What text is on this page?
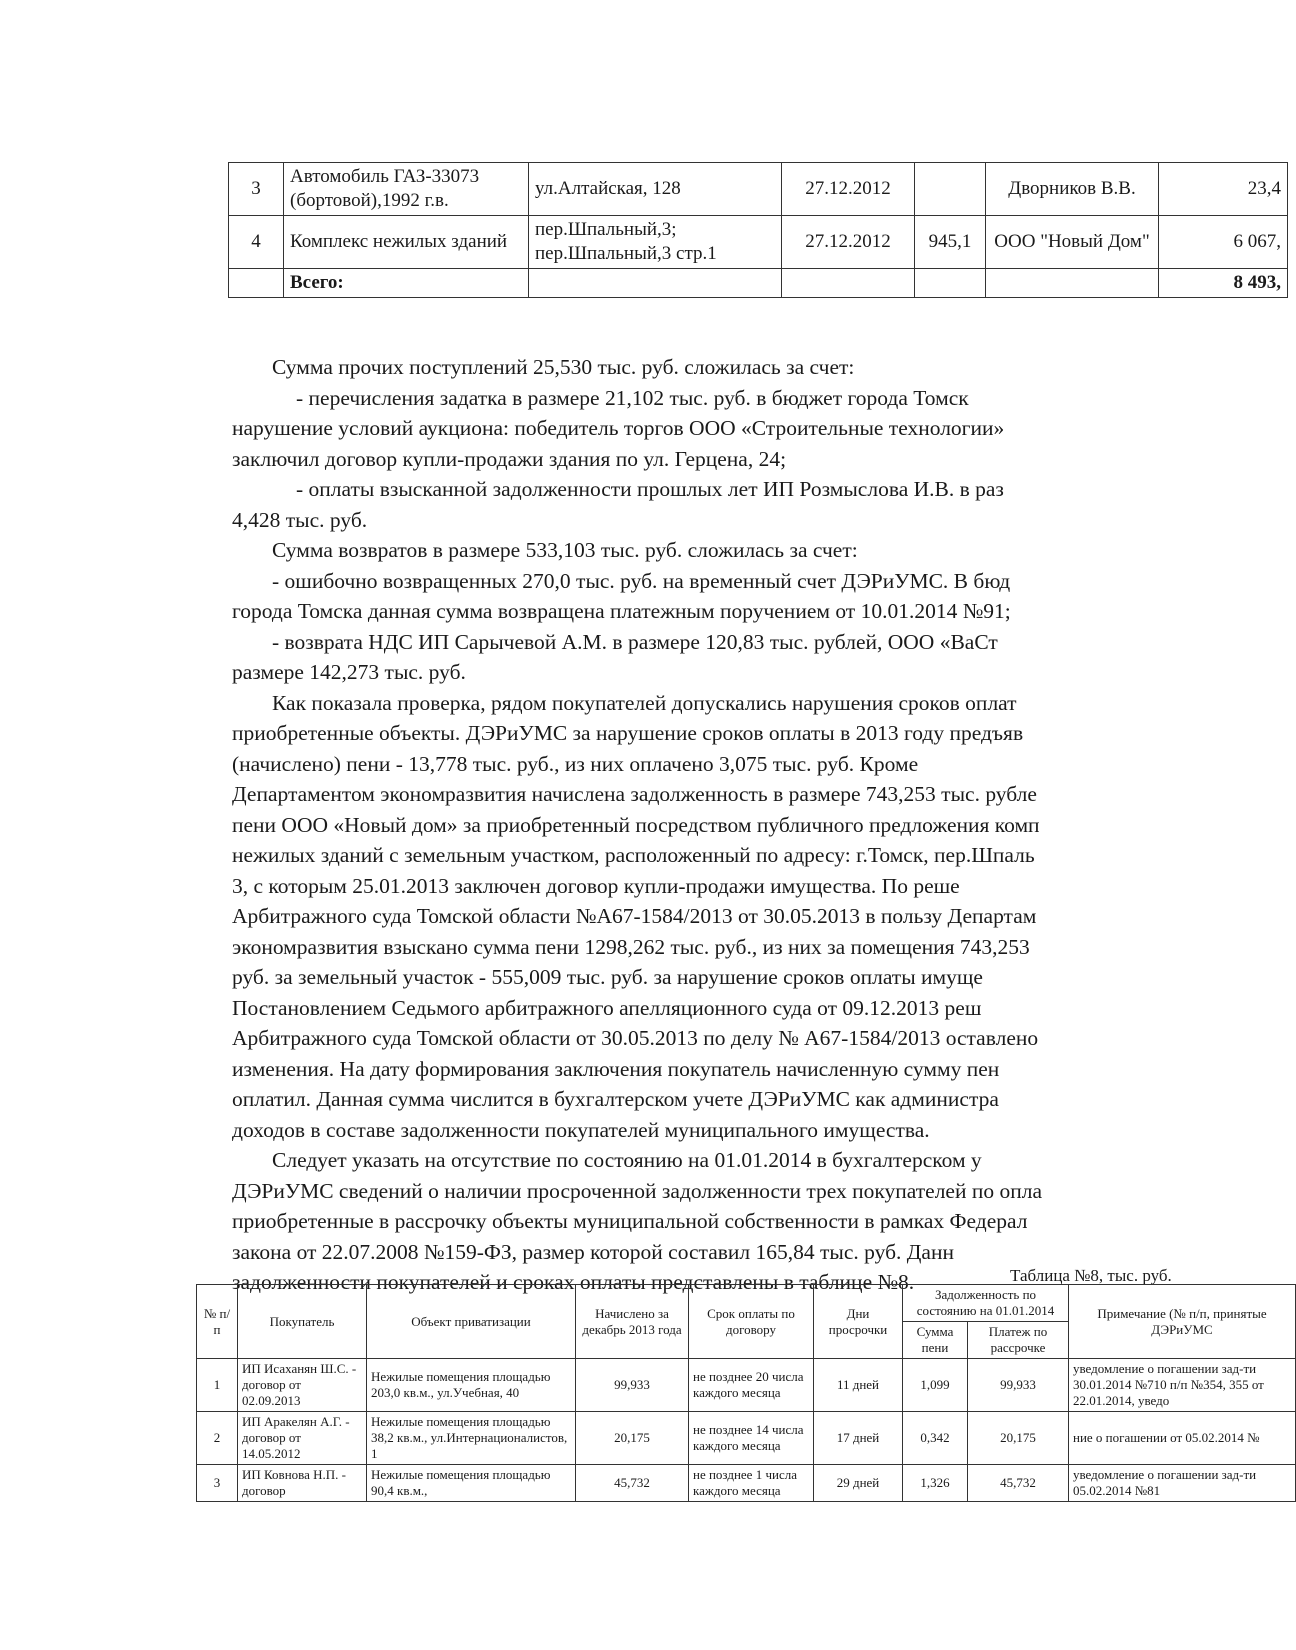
3	Автомобиль ГАЗ-33073 (бортовой),1992 г.в.	ул.Алтайская, 128	27.12.2012		Дворников В.В.	23,4
4	Комплекс нежилых зданий	пер.Шпальный,3; пер.Шпальный,3 стр.1	27.12.2012	945,1	ООО "Новый Дом"	6 067,
	Всего:					8 493,

Сумма прочих поступлений 25,530 тыс. руб. сложилась за счет:

- перечисления задатка в размере 21,102 тыс. руб. в бюджет города Томск

нарушение условий аукциона: победитель торгов ООО «Строительные технологии»

заключил договор купли-продажи здания по ул. Герцена, 24;

- оплаты взысканной задолженности прошлых лет ИП Розмыслова И.В. в раз

4,428 тыс. руб.

Сумма возвратов в размере 533,103 тыс. руб. сложилась за счет:

- ошибочно возвращенных 270,0 тыс. руб. на временный счет ДЭРиУМС. В бюд

города Томска данная сумма возвращена платежным поручением от 10.01.2014 №91;

- возврата НДС ИП Сарычевой А.М. в размере 120,83 тыс. рублей, ООО «ВаСт

размере 142,273 тыс. руб.

Как показала проверка, рядом покупателей допускались нарушения сроков оплат

приобретенные объекты. ДЭРиУМС за нарушение сроков оплаты в 2013 году предъяв

(начислено) пени - 13,778 тыс. руб., из них оплачено 3,075 тыс. руб. Кроме

Департаментом экономразвития начислена задолженность в размере 743,253 тыс. рубле

пени ООО «Новый дом» за приобретенный посредством публичного предложения комп

нежилых зданий с земельным участком, расположенный по адресу: г.Томск, пер.Шпаль

3, с которым 25.01.2013 заключен договор купли-продажи имущества. По реше

Арбитражного суда Томской области №А67-1584/2013 от 30.05.2013 в пользу Департам

экономразвития взыскано сумма пени 1298,262 тыс. руб., из них за помещения 743,253

руб. за земельный участок - 555,009 тыс. руб. за нарушение сроков оплаты имуще

Постановлением Седьмого арбитражного апелляционного суда от 09.12.2013 реш

Арбитражного суда Томской области от 30.05.2013 по делу № А67-1584/2013 оставлено

изменения. На дату формирования заключения покупатель начисленную сумму пен

оплатил. Данная сумма числится в бухгалтерском учете ДЭРиУМС как администра

доходов в составе задолженности покупателей муниципального имущества.

Следует указать на отсутствие по состоянию на 01.01.2014 в бухгалтерском у

ДЭРиУМС сведений о наличии просроченной задолженности трех покупателей по опла

приобретенные в рассрочку объекты муниципальной собственности в рамках Федерал

закона от 22.07.2008 №159-ФЗ, размер которой составил 165,84 тыс. руб. Данн

задолженности покупателей и сроках оплаты представлены в таблице №8.	Таблица №8, тыс. руб.
№ п/п	Покупатель	Объект приватизации	Начислено за декабрь 2013 года	Срок оплаты по договору	Дни просрочки	Задолженность по состоянию на 01.01.2014		Примечание (№ п/п, принятые ДЭРиУМС
						Сумма пени	Платеж по рассрочке	
1	ИП Исаханян Ш.С. - договор от 02.09.2013	Нежилые помещения площадью 203,0 кв.м., ул.Учебная, 40	99,933	не позднее 20 числа каждого месяца	11 дней	1,099	99,933	уведомление о погашении зад-ти 30.01.2014 №710 п/п №354, 355 от 22.01.2014, уведо
2	ИП Аракелян А.Г. - договор от 14.05.2012	Нежилые помещения площадью 38,2 кв.м., ул.Интернационалистов, 1	20,175	не позднее 14 числа каждого месяца	17 дней	0,342	20,175	ние о погашении от 05.02.2014 №
3	ИП Ковнова Н.П. - договор	Нежилые помещения площадью 90,4 кв.м.,	45,732	не позднее 1 числа каждого месяца	29 дней	1,326	45,732	уведомление о погашении зад-ти 05.02.2014 №81
